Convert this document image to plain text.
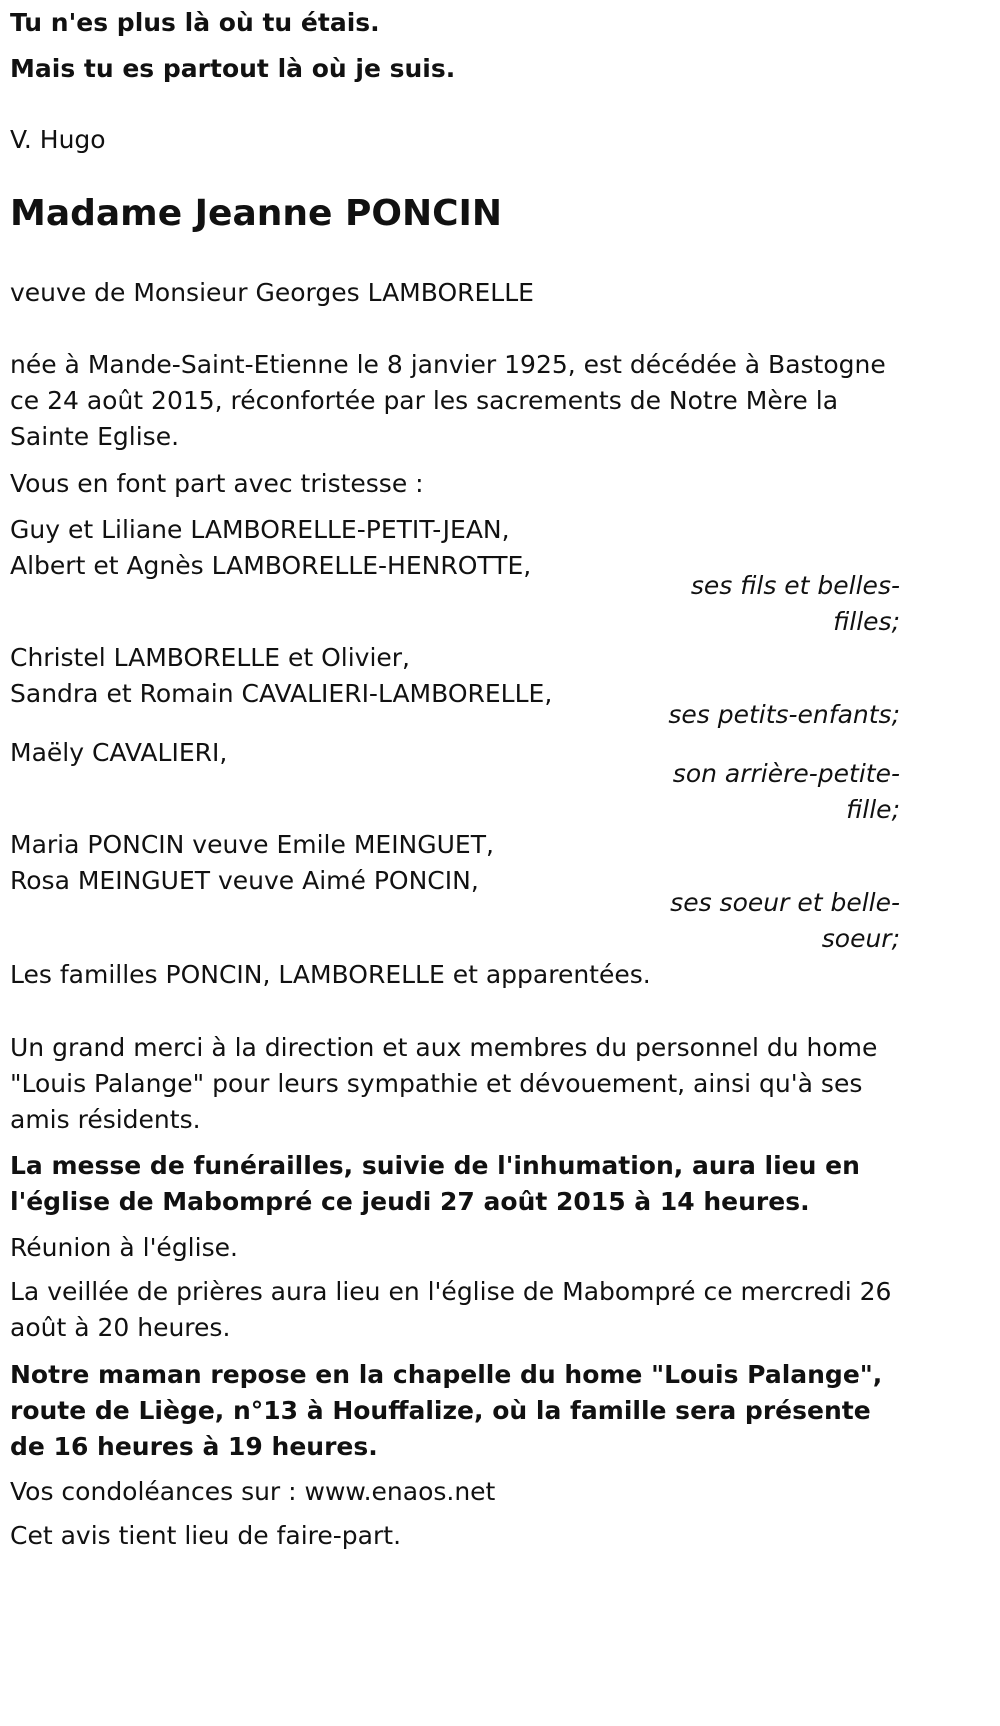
Tu n'es plus là où tu étais.

Mais tu es partout là où je suis.

V. Hugo

Madame Jeanne PONCIN

veuve de Monsieur Georges LAMBORELLE

née à Mande-Saint-Etienne le 8 janvier 1925, est décédée à Bastogne ce 24 août 2015, réconfortée par les sacrements de Notre Mère la Sainte Eglise.

Vous en font part avec tristesse :

Guy et Liliane LAMBORELLE-PETIT-JEAN,

Albert et Agnès LAMBORELLE-HENROTTE,

ses fils et belles-

filles;

Christel LAMBORELLE et Olivier,

Sandra et Romain CAVALIERI-LAMBORELLE,

ses petits-enfants;

Maëly CAVALIERI,

son arrière-petite-

fille;

Maria PONCIN veuve Emile MEINGUET,

Rosa MEINGUET veuve Aimé PONCIN,

ses soeur et belle-

soeur;

Les familles PONCIN, LAMBORELLE et apparentées.

Un grand merci à la direction et aux membres du personnel du home "Louis Palange" pour leurs sympathie et dévouement, ainsi qu'à ses amis résidents.

La messe de funérailles, suivie de l'inhumation, aura lieu en l'église de Mabompré ce jeudi 27 août 2015 à 14 heures.

Réunion à l'église.

La veillée de prières aura lieu en l'église de Mabompré ce mercredi 26 août à 20 heures.

Notre maman repose en la chapelle du home "Louis Palange", route de Liège, n°13 à Houffalize, où la famille sera présente de 16 heures à 19 heures.

Vos condoléances sur : www.enaos.net

Cet avis tient lieu de faire-part.
